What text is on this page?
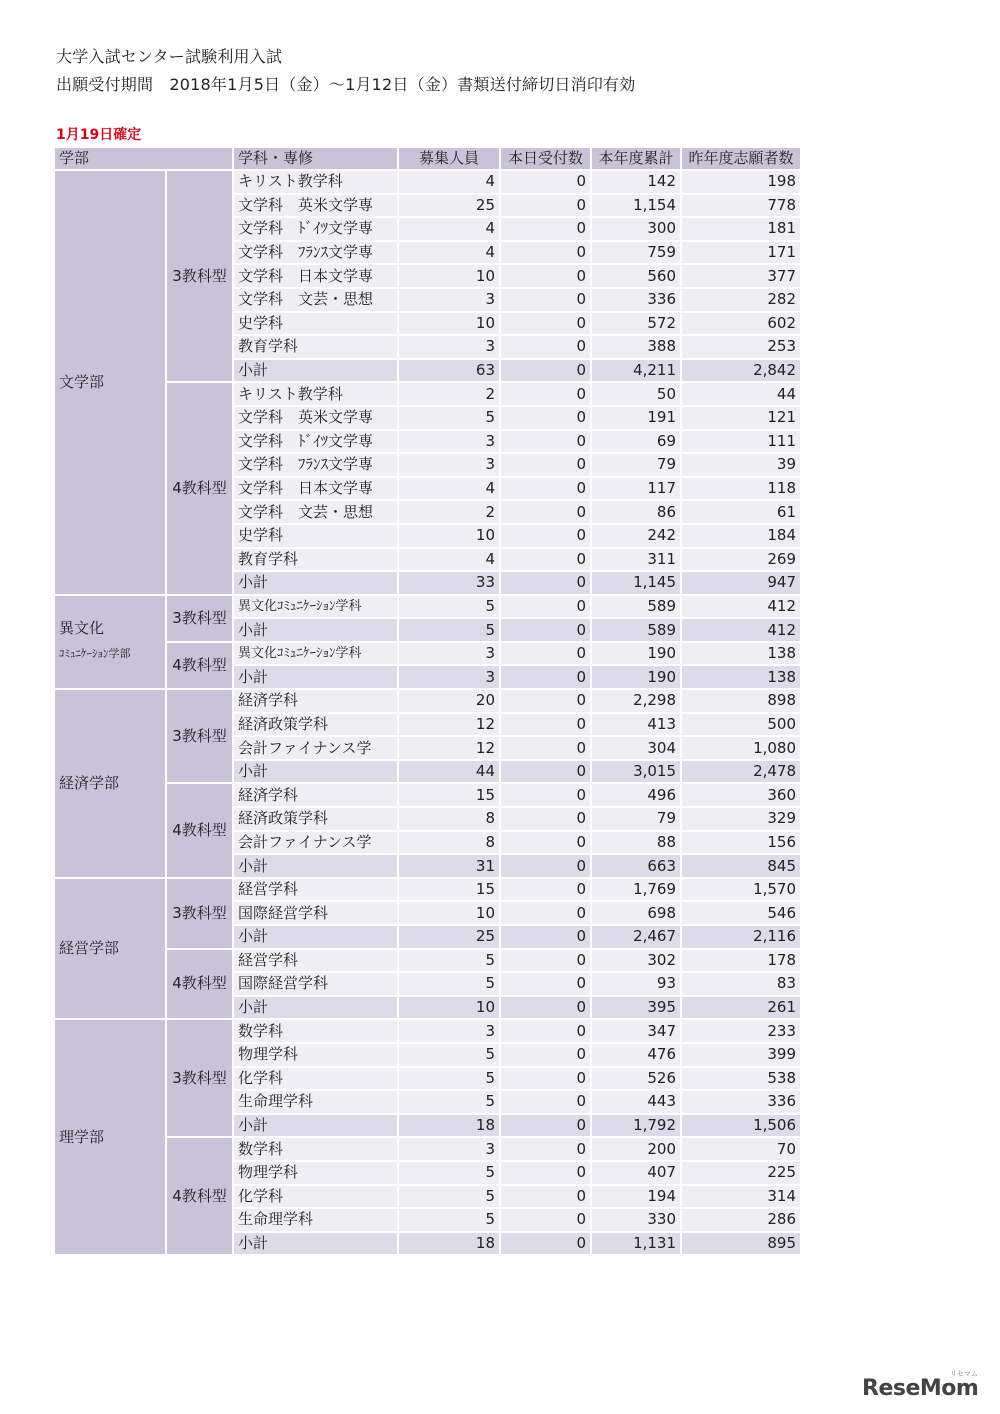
大学入試センター試験利用入試
出願受付期間　2018年1月5日（金）～1月12日（金）書類送付締切日消印有効
1月19日確定
学部		学科・専修	募集人員	本日受付数	本年度累計	昨年度志願者数
文学部	3教科型	キリスト教学科	4	0	142	198
		文学科　英米文学専	25	0	1,154	778
		文学科　ﾄﾞｲﾂ文学専	4	0	300	181
		文学科　ﾌﾗﾝｽ文学専	4	0	759	171
		文学科　日本文学専	10	0	560	377
		文学科　文芸・思想	3	0	336	282
		史学科	10	0	572	602
		教育学科	3	0	388	253
		小計	63	0	4,211	2,842
	4教科型	キリスト教学科	2	0	50	44
		文学科　英米文学専	5	0	191	121
		文学科　ﾄﾞｲﾂ文学専	3	0	69	111
		文学科　ﾌﾗﾝｽ文学専	3	0	79	39
		文学科　日本文学専	4	0	117	118
		文学科　文芸・思想	2	0	86	61
		史学科	10	0	242	184
		教育学科	4	0	311	269
		小計	33	0	1,145	947

異文化
ｺﾐｭﾆｹｰｼｮﾝ学部	3教科型	異文化ｺﾐｭﾆｹｰｼｮﾝ学科	5	0	589	412
		小計	5	0	589	412
	4教科型	異文化ｺﾐｭﾆｹｰｼｮﾝ学科	3	0	190	138
		小計	3	0	190	138
経済学部	3教科型	経済学科	20	0	2,298	898
		経済政策学科	12	0	413	500
		会計ファイナンス学	12	0	304	1,080
		小計	44	0	3,015	2,478
	4教科型	経済学科	15	0	496	360
		経済政策学科	8	0	79	329
		会計ファイナンス学	8	0	88	156
		小計	31	0	663	845
経営学部	3教科型	経営学科	15	0	1,769	1,570
		国際経営学科	10	0	698	546
		小計	25	0	2,467	2,116
	4教科型	経営学科	5	0	302	178
		国際経営学科	5	0	93	83
		小計	10	0	395	261
理学部	3教科型	数学科	3	0	347	233
		物理学科	5	0	476	399
		化学科	5	0	526	538
		生命理学科	5	0	443	336
		小計	18	0	1,792	1,506
	4教科型	数学科	3	0	200	70
		物理学科	5	0	407	225
		化学科	5	0	194	314
		生命理学科	5	0	330	286
		小計	18	0	1,131	895
ReseMom
リセマム
